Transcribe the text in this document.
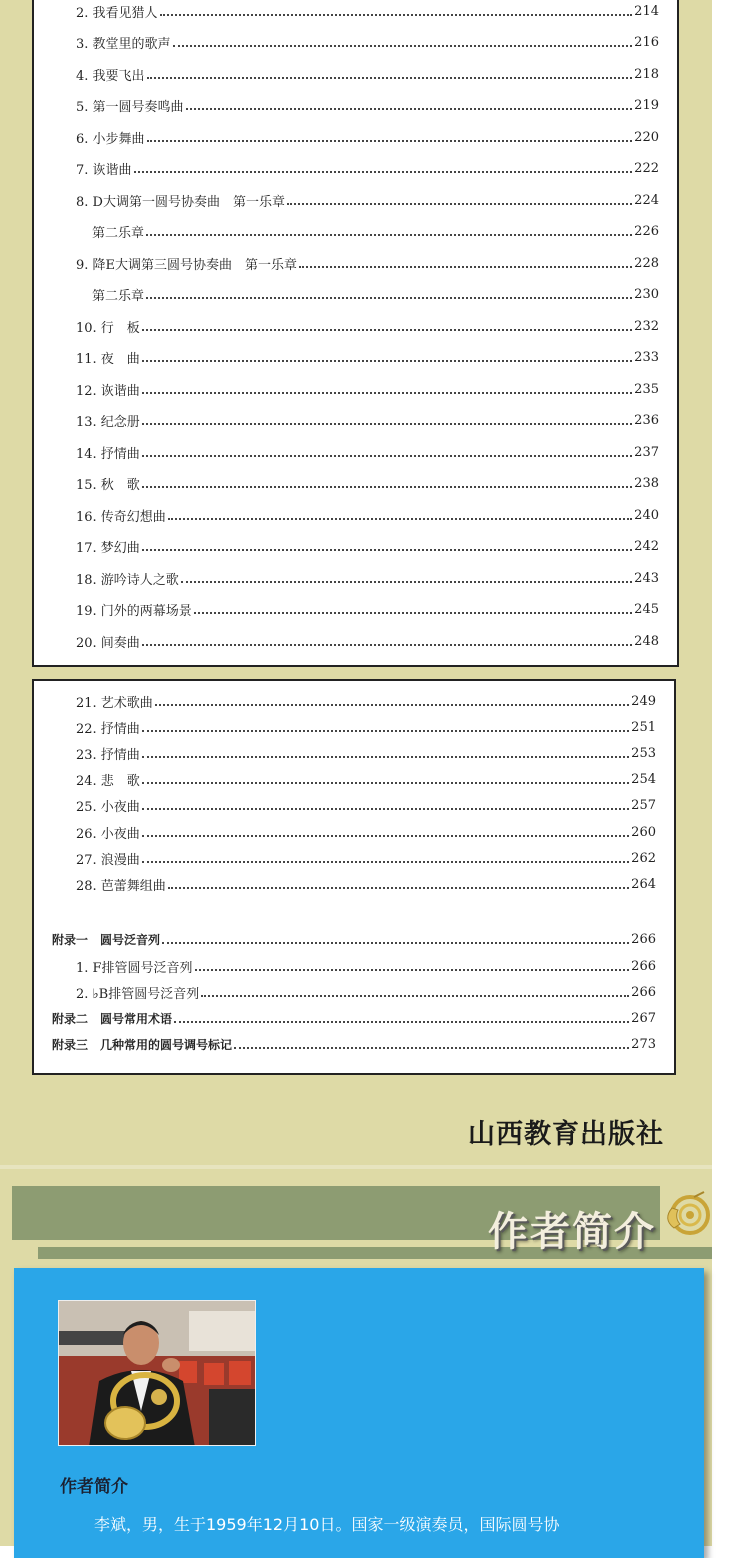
2. 我看见猎人	214
3. 教堂里的歌声	216
4. 我要飞出	218
5. 第一圆号奏鸣曲	219
6. 小步舞曲	220
7. 诙谐曲	222
8. D大调第一圆号协奏曲　第一乐章	224
第二乐章	226
9. 降E大调第三圆号协奏曲　第一乐章	228
第二乐章	230
10. 行　板	232
11. 夜　曲	233
12. 诙谐曲	235
13. 纪念册	236
14. 抒情曲	237
15. 秋　歌	238
16. 传奇幻想曲	240
17. 梦幻曲	242
18. 游吟诗人之歌	243
19. 门外的两幕场景	245
20. 间奏曲	248
21. 艺术歌曲	249
22. 抒情曲	251
23. 抒情曲	253
24. 悲　歌	254
25. 小夜曲	257
26. 小夜曲	260
27. 浪漫曲	262
28. 芭蕾舞组曲	264
附录一　圆号泛音列	266
1. F排管圆号泛音列	266
2. ♭B排管圆号泛音列	266
附录二　圆号常用术语	267
附录三　几种常用的圆号调号标记	273
山西教育出版社
作者简介
作者简介
李斌，男，生于1959年12月10日。国家一级演奏员，国际圆号协
